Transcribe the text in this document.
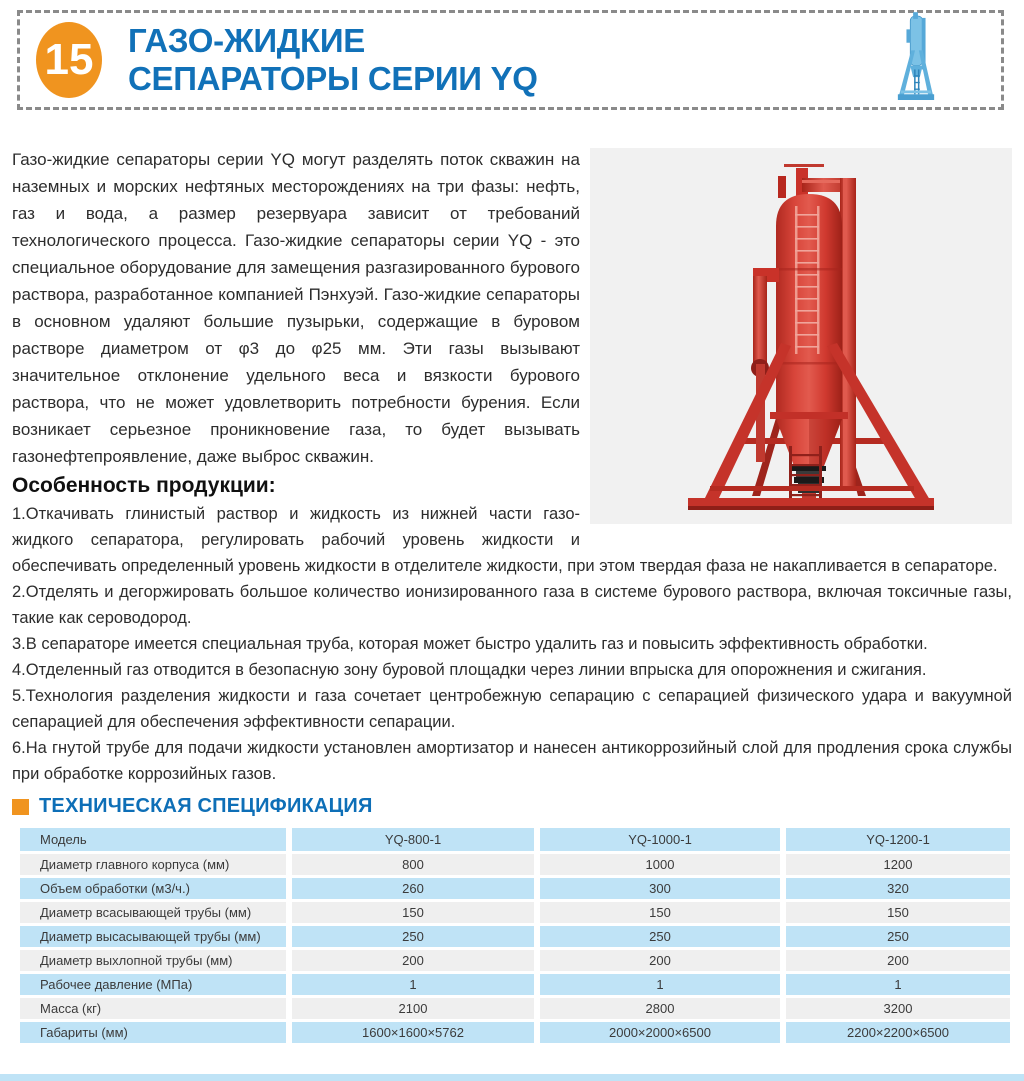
15 ГАЗО-ЖИДКИЕ
СЕПАРАТОРЫ СЕРИИ YQ

Газо-жидкие сепараторы серии YQ могут разделять поток скважин на наземных и морских нефтяных месторождениях на три фазы: нефть, газ и вода, а размер резервуара зависит от требований технологического процесса. Газо-жидкие сепараторы серии YQ - это специальное оборудование для замещения разгазированного бурового раствора, разработанное компанией Пэнхуэй. Газо-жидкие сепараторы в основном удаляют большие пузырьки, содержащие в буровом растворе диаметром от φ3 до φ25 мм. Эти газы вызывают значительное отклонение удельного веса и вязкости бурового раствора, что не может удовлетворить потребности бурения. Если возникает серьезное проникновение газа, то будет вызывать газонефтепроявление, даже выброс скважин.

Особенность продукции:

1.Откачивать глинистый раствор и жидкость из нижней части газо-жидкого сепаратора, регулировать рабочий уровень жидкости и обеспечивать определенный уровень жидкости в отделителе жидкости, при этом твердая фаза не накапливается в сепараторе.

2.Отделять и дегоржировать большое количество ионизированного газа в системе бурового раствора, включая токсичные газы, такие как сероводород.

3.В сепараторе имеется специальная труба, которая может быстро удалить газ и повысить эффективность обработки.

4.Отделенный газ отводится в безопасную зону буровой площадки через линии впрыска для опорожнения и сжигания.

5.Технология разделения жидкости и газа сочетает центробежную сепарацию с сепарацией физического удара и вакуумной сепарацией для обеспечения эффективности сепарации.

6.На гнутой трубе для подачи жидкости установлен амортизатор и нанесен антикоррозийный слой для продления срока службы при обработке коррозийных газов.

ТЕХНИЧЕСКАЯ СПЕЦИФИКАЦИЯ
Модель	YQ-800-1	YQ-1000-1	YQ-1200-1
Диаметр главного корпуса (мм)	800	1000	1200
Объем обработки (м3/ч.)	260	300	320
Диаметр всасывающей трубы (мм)	150	150	150
Диаметр высасывающей трубы (мм)	250	250	250
Диаметр выхлопной трубы (мм)	200	200	200
Рабочее давление (МПа)	1	1	1
Масса (кг)	2100	2800	3200
Габариты (мм)	1600×1600×5762	2000×2000×6500	2200×2200×6500
